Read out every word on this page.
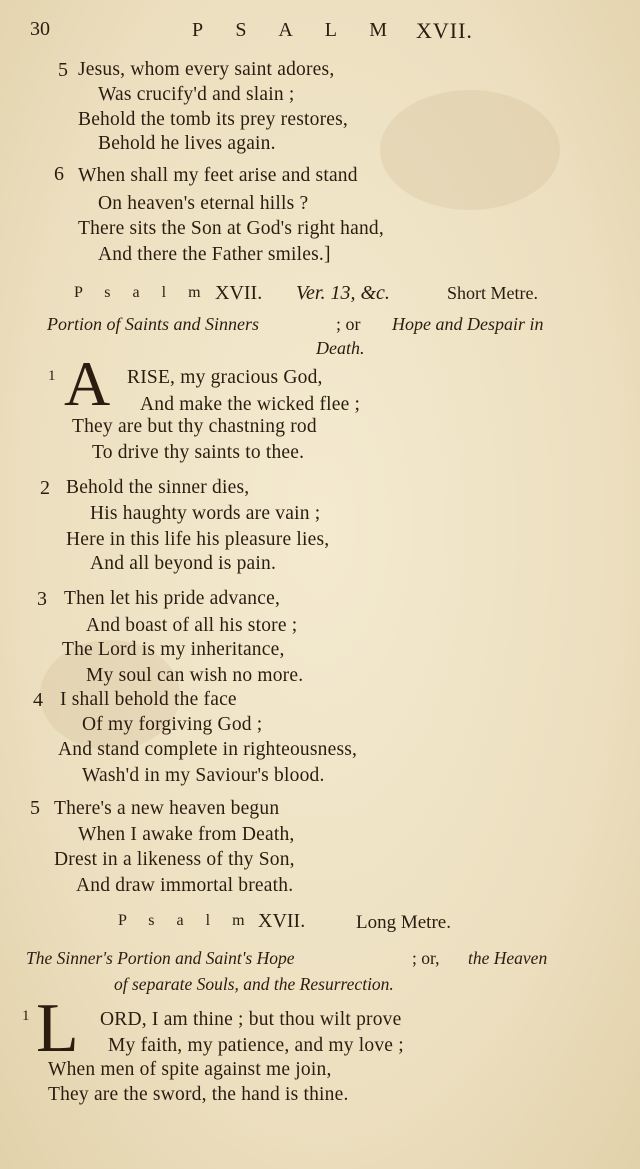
30	P S A L M XVII.
5 Jesus, whom every saint adores,
Was crucify'd and slain ;
Behold the tomb its prey restores,
Behold he lives again.
6 When shall my feet arise and stand
On heaven's eternal hills ?
There sits the Son at God's right hand,
And there the Father smiles.]
P s a l m XVII. Ver. 13, &c.	Short Metre.
Portion of Saints and Sinners	; or Hope and Despair in
Death.
1 A RISE, my gracious God,
And make the wicked flee ;
They are but thy chastning rod
To drive thy saints to thee.
2 Behold the sinner dies,
His haughty words are vain ;
Here in this life his pleasure lies,
And all beyond is pain.
3 Then let his pride advance,
And boast of all his store ;
The Lord is my inheritance,
My soul can wish no more.
4 I shall behold the face
Of my forgiving God ;
And stand complete in righteousness,
Wash'd in my Saviour's blood.
5 There's a new heaven begun
When I awake from Death,
Drest in a likeness of thy Son,
And draw immortal breath.
P s a l m XVII.	Long Metre.
The Sinner's Portion and Saint's Hope	; or, the Heaven
of separate Souls, and the Resurrection.
1 L ORD, I am thine ; but thou wilt prove
My faith, my patience, and my love ;
When men of spite against me join,
They are the sword, the hand is thine.
